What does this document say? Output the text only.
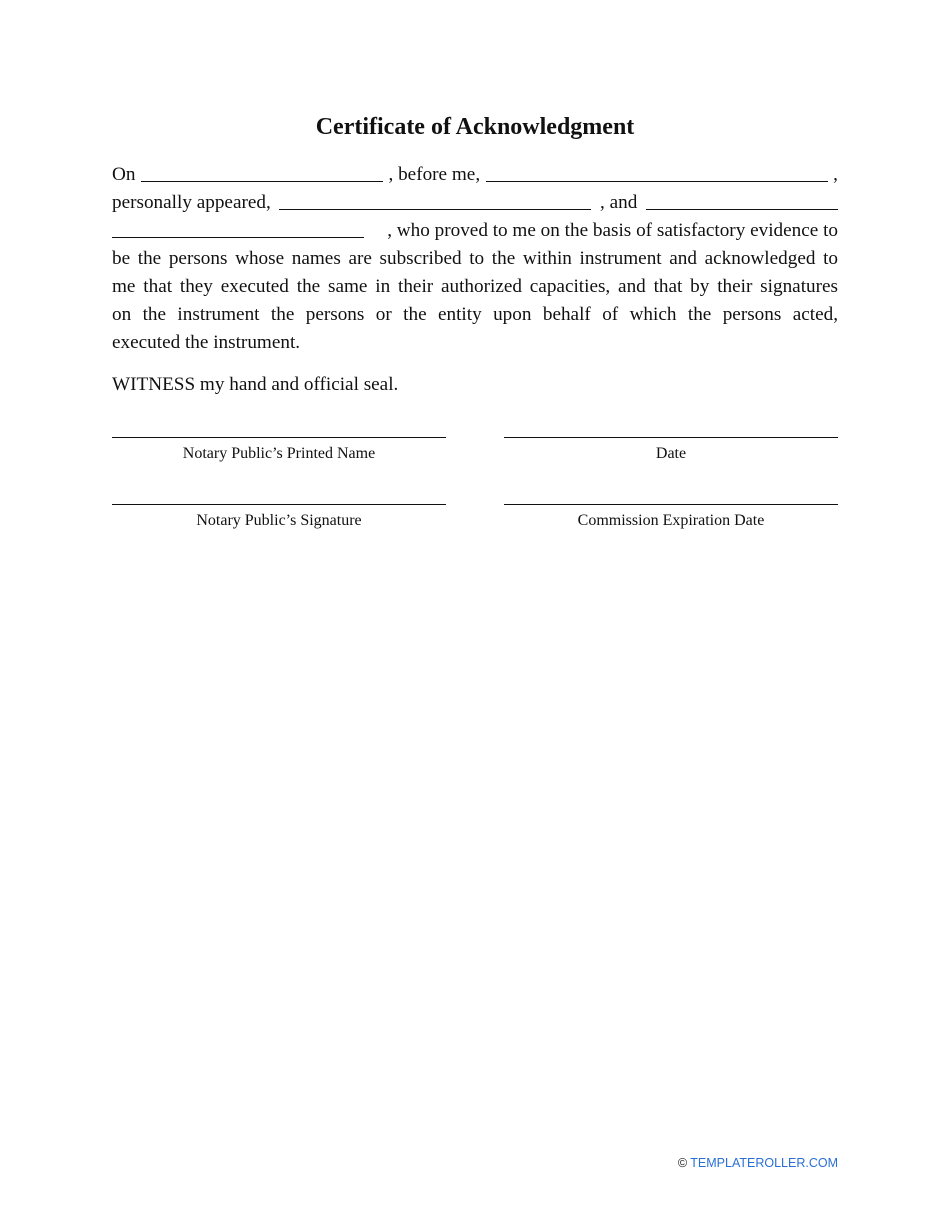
Certificate of Acknowledgment
On	, before me,	,
personally appeared,	, and
, who proved to me on the basis of satisfactory evidence to
be the persons whose names are subscribed to the within instrument and acknowledged to
me that they executed the same in their authorized capacities, and that by their signatures
on the instrument the persons or the entity upon behalf of which the persons acted,
executed the instrument.
WITNESS my hand and official seal.
Notary Public’s Printed Name	Date
Notary Public’s Signature	Commission Expiration Date
© TEMPLATEROLLER.COM
